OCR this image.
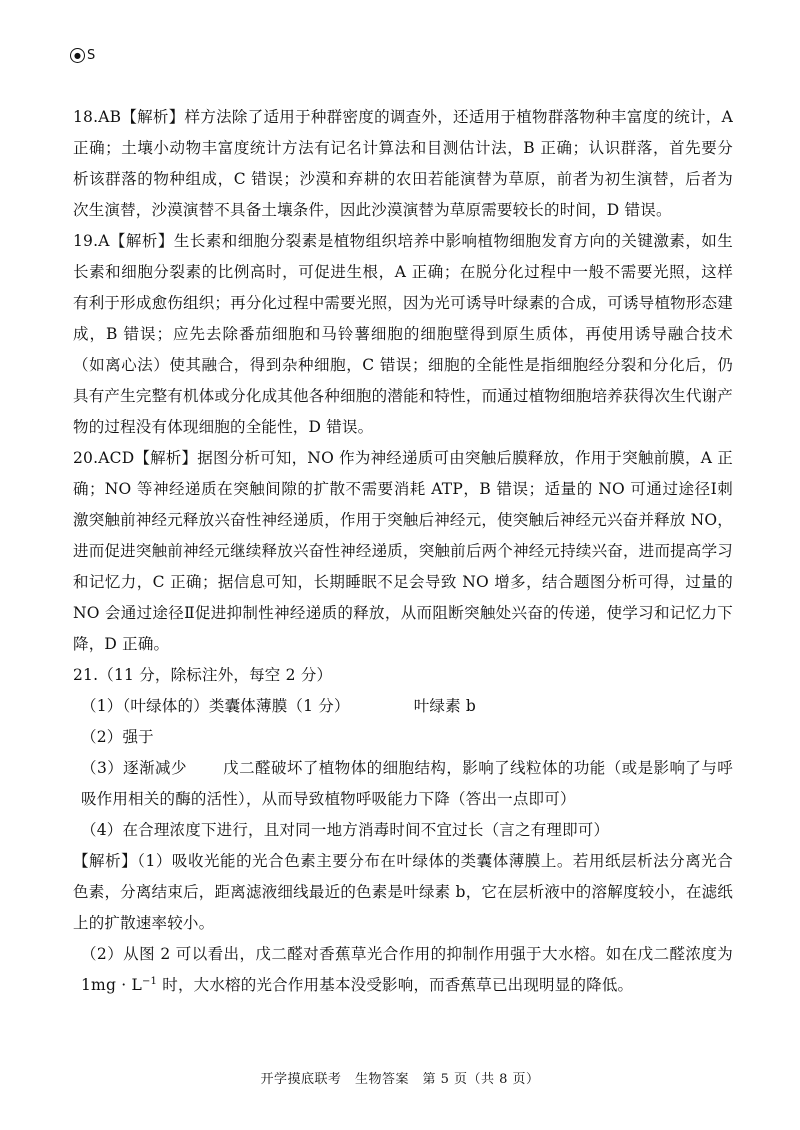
● S

18.AB【解析】样方法除了适用于种群密度的调查外，还适用于植物群落物种丰富度的统计，A 正确；土壤小动物丰富度统计方法有记名计算法和目测估计法，B 正确；认识群落，首先要分析该群落的物种组成，C 错误；沙漠和弃耕的农田若能演替为草原，前者为初生演替，后者为次生演替，沙漠演替不具备土壤条件，因此沙漠演替为草原需要较长的时间，D 错误。

19.A【解析】生长素和细胞分裂素是植物组织培养中影响植物细胞发育方向的关键激素，如生长素和细胞分裂素的比例高时，可促进生根，A 正确；在脱分化过程中一般不需要光照，这样有利于形成愈伤组织；再分化过程中需要光照，因为光可诱导叶绿素的合成，可诱导植物形态建成，B 错误；应先去除番茄细胞和马铃薯细胞的细胞壁得到原生质体，再使用诱导融合技术（如离心法）使其融合，得到杂种细胞，C 错误；细胞的全能性是指细胞经分裂和分化后，仍具有产生完整有机体或分化成其他各种细胞的潜能和特性，而通过植物细胞培养获得次生代谢产物的过程没有体现细胞的全能性，D 错误。

20.ACD【解析】据图分析可知，NO 作为神经递质可由突触后膜释放，作用于突触前膜，A 正确；NO 等神经递质在突触间隙的扩散不需要消耗 ATP，B 错误；适量的 NO 可通过途径Ⅰ刺激突触前神经元释放兴奋性神经递质，作用于突触后神经元，使突触后神经元兴奋并释放 NO，进而促进突触前神经元继续释放兴奋性神经递质，突触前后两个神经元持续兴奋，进而提高学习和记忆力，C 正确；据信息可知，长期睡眠不足会导致 NO 增多，结合题图分析可得，过量的 NO 会通过途径Ⅱ促进抑制性神经递质的释放，从而阻断突触处兴奋的传递，使学习和记忆力下降，D 正确。

21.（11 分，除标注外，每空 2 分）

（1）（叶绿体的）类囊体薄膜（1 分）	叶绿素 b

（2）强于

（3）逐渐减少 戊二醛破坏了植物体的细胞结构，影响了线粒体的功能（或是影响了与呼吸作用相关的酶的活性），从而导致植物呼吸能力下降（答出一点即可）

（4）在合理浓度下进行，且对同一地方消毒时间不宜过长（言之有理即可）

【解析】（1）吸收光能的光合色素主要分布在叶绿体的类囊体薄膜上。若用纸层析法分离光合色素，分离结束后，距离滤液细线最近的色素是叶绿素 b，它在层析液中的溶解度较小，在滤纸上的扩散速率较小。

（2）从图 2 可以看出，戊二醛对香蕉草光合作用的抑制作用强于大水榕。如在戊二醛浓度为 $1mg \cdot L^{-1}$ 时，大水榕的光合作用基本没受影响，而香蕉草已出现明显的降低。

开学摸底联考　生物答案　第 5 页（共 8 页）
